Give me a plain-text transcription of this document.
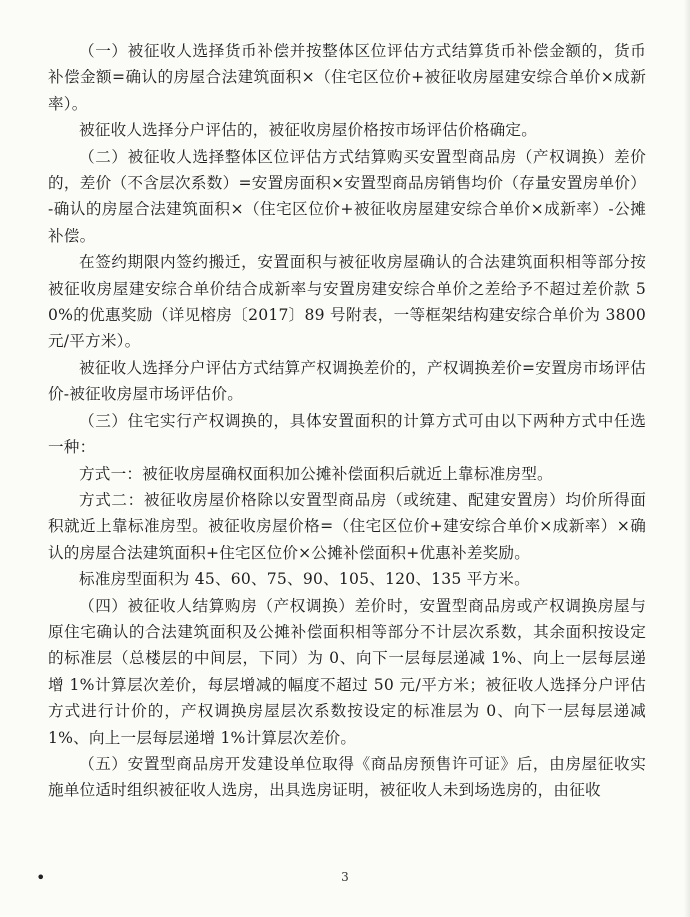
（一）被征收人选择货币补偿并按整体区位评估方式结算货币补偿金额的，货币补偿金额=确认的房屋合法建筑面积×（住宅区位价+被征收房屋建安综合单价×成新率）。

被征收人选择分户评估的，被征收房屋价格按市场评估价格确定。

（二）被征收人选择整体区位评估方式结算购买安置型商品房（产权调换）差价的，差价（不含层次系数）=安置房面积×安置型商品房销售均价（存量安置房单价）-确认的房屋合法建筑面积×（住宅区位价+被征收房屋建安综合单价×成新率）-公摊补偿。

在签约期限内签约搬迁，安置面积与被征收房屋确认的合法建筑面积相等部分按被征收房屋建安综合单价结合成新率与安置房建安综合单价之差给予不超过差价款 50%的优惠奖励（详见榕房〔2017〕89 号附表，一等框架结构建安综合单价为 3800 元/平方米）。

被征收人选择分户评估方式结算产权调换差价的，产权调换差价=安置房市场评估价-被征收房屋市场评估价。

（三）住宅实行产权调换的，具体安置面积的计算方式可由以下两种方式中任选一种：

方式一：被征收房屋确权面积加公摊补偿面积后就近上靠标准房型。

方式二：被征收房屋价格除以安置型商品房（或统建、配建安置房）均价所得面积就近上靠标准房型。被征收房屋价格=（住宅区位价+建安综合单价×成新率）×确认的房屋合法建筑面积+住宅区位价×公摊补偿面积+优惠补差奖励。

标准房型面积为 45、60、75、90、105、120、135 平方米。

（四）被征收人结算购房（产权调换）差价时，安置型商品房或产权调换房屋与原住宅确认的合法建筑面积及公摊补偿面积相等部分不计层次系数，其余面积按设定的标准层（总楼层的中间层，下同）为 0、向下一层每层递减 1%、向上一层每层递增 1%计算层次差价，每层增减的幅度不超过 50 元/平方米；被征收人选择分户评估方式进行计价的，产权调换房屋层次系数按设定的标准层为 0、向下一层每层递减 1%、向上一层每层递增 1%计算层次差价。

（五）安置型商品房开发建设单位取得《商品房预售许可证》后，由房屋征收实施单位适时组织被征收人选房，出具选房证明，被征收人未到场选房的，由征收

•	3
